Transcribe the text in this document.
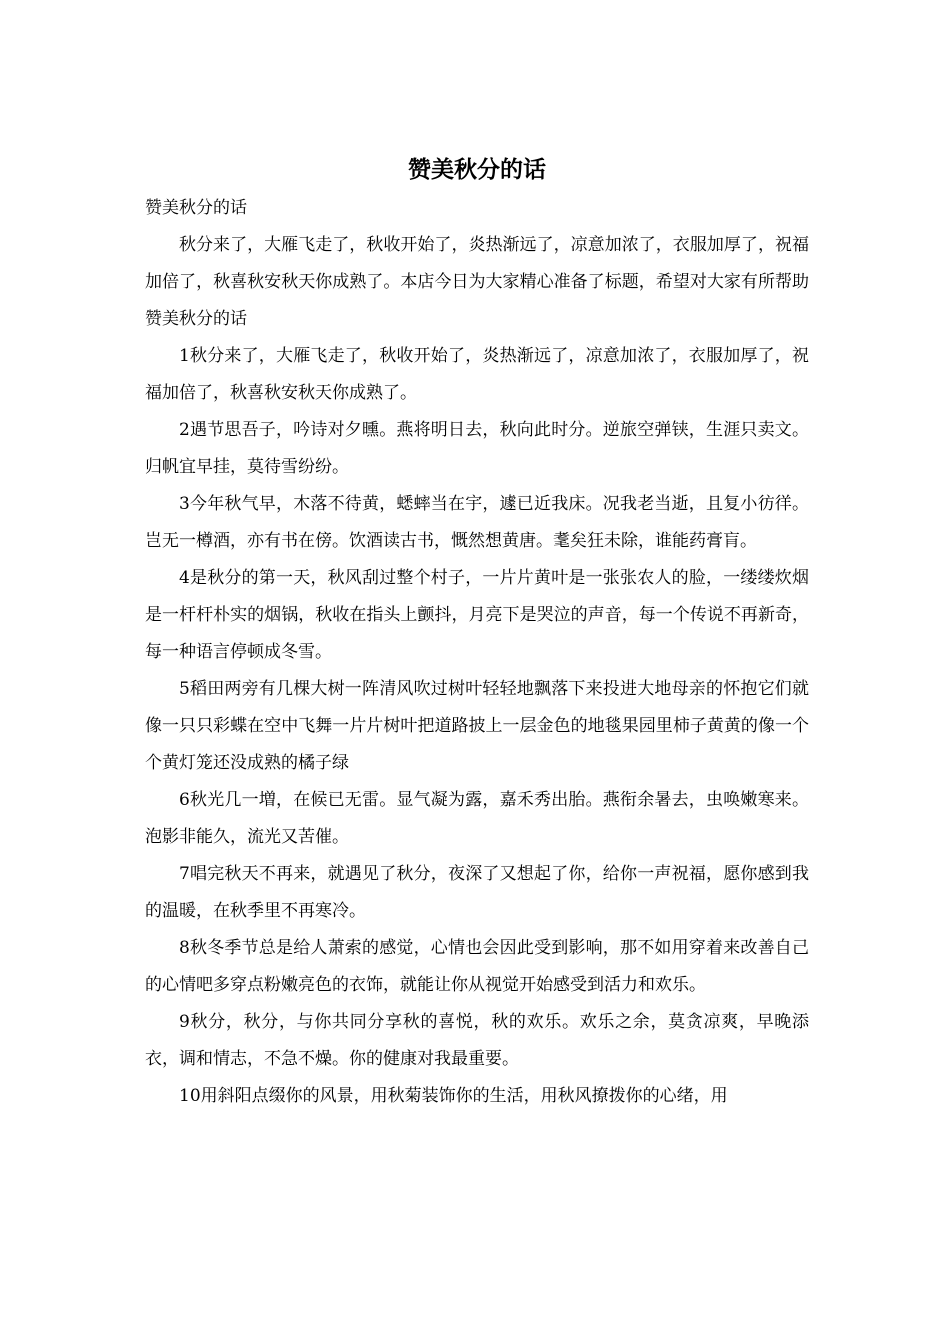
赞美秋分的话

赞美秋分的话

秋分来了，大雁飞走了，秋收开始了，炎热渐远了，凉意加浓了，衣服加厚了，祝福加倍了，秋喜秋安秋天你成熟了。本店今日为大家精心准备了标题，希望对大家有所帮助赞美秋分的话

1秋分来了，大雁飞走了，秋收开始了，炎热渐远了，凉意加浓了，衣服加厚了，祝福加倍了，秋喜秋安秋天你成熟了。

2遇节思吾子，吟诗对夕曛。燕将明日去，秋向此时分。逆旅空弹铗，生涯只卖文。归帆宜早挂，莫待雪纷纷。

3今年秋气早，木落不待黄，蟋蟀当在宇，遽已近我床。况我老当逝，且复小彷徉。岂无一樽酒，亦有书在傍。饮酒读古书，慨然想黄唐。耄矣狂未除，谁能药膏肓。

4是秋分的第一天，秋风刮过整个村子，一片片黄叶是一张张农人的脸，一缕缕炊烟是一杆杆朴实的烟锅，秋收在指头上颤抖，月亮下是哭泣的声音，每一个传说不再新奇，每一种语言停顿成冬雪。

5稻田两旁有几棵大树一阵清风吹过树叶轻轻地飘落下来投进大地母亲的怀抱它们就像一只只彩蝶在空中飞舞一片片树叶把道路披上一层金色的地毯果园里柿子黄黄的像一个个黄灯笼还没成熟的橘子绿

6秋光几一増，在候已无雷。显气凝为露，嘉禾秀出胎。燕衔余暑去，虫唤嫩寒来。泡影非能久，流光又苦催。

7唱完秋天不再来，就遇见了秋分，夜深了又想起了你，给你一声祝福，愿你感到我的温暖，在秋季里不再寒冷。

8秋冬季节总是给人萧索的感觉，心情也会因此受到影响，那不如用穿着来改善自己的心情吧多穿点粉嫩亮色的衣饰，就能让你从视觉开始感受到活力和欢乐。

9秋分，秋分，与你共同分享秋的喜悦，秋的欢乐。欢乐之余，莫贪凉爽，早晚添衣，调和情志，不急不燥。你的健康对我最重要。

10用斜阳点缀你的风景，用秋菊装饰你的生活，用秋风撩拨你的心绪，用
